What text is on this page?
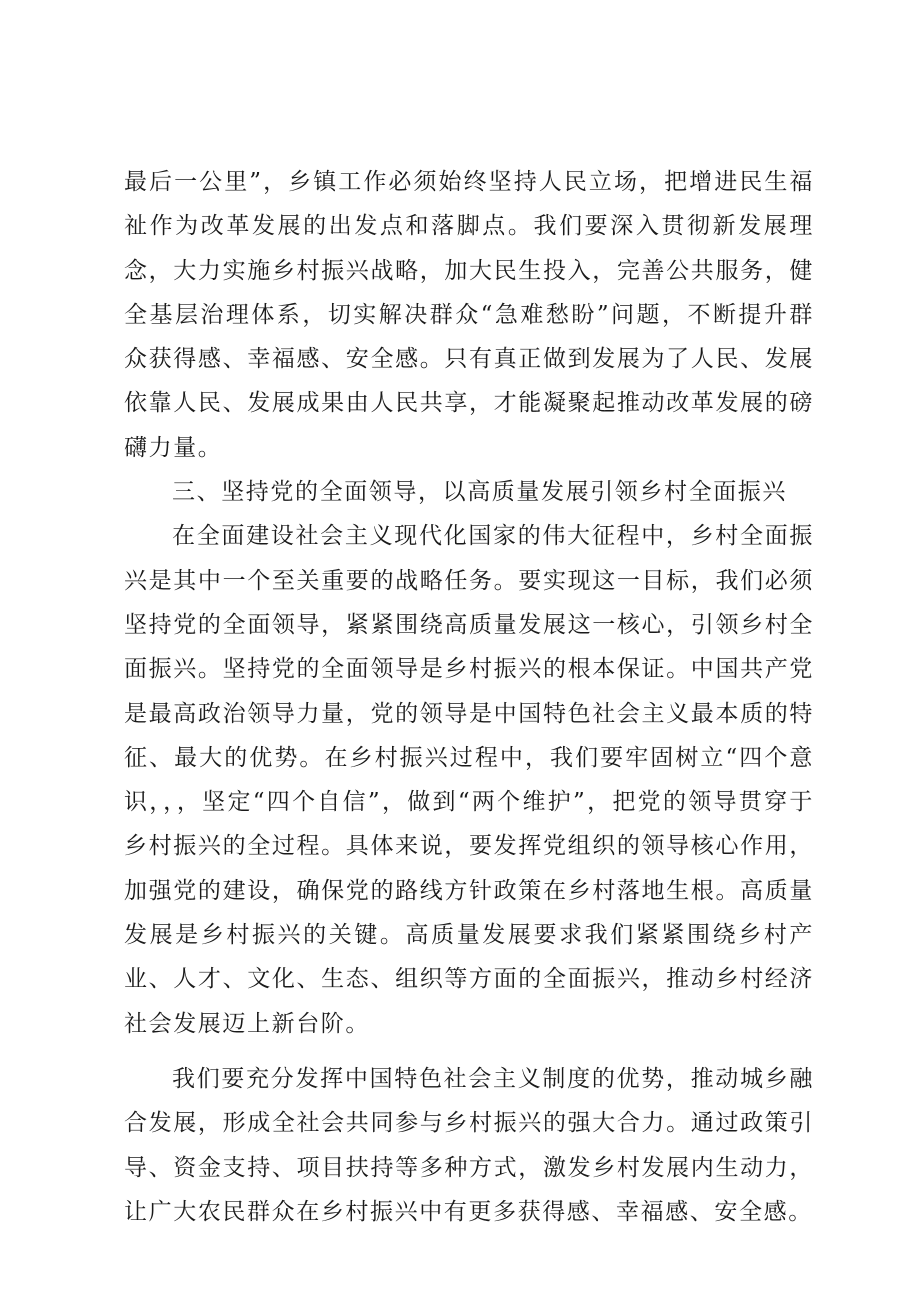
最后一公里”，乡镇工作必须始终坚持人民立场，把增进民生福祉作为改革发展的出发点和落脚点。我们要深入贯彻新发展理念，大力实施乡村振兴战略，加大民生投入，完善公共服务，健全基层治理体系，切实解决群众“急难愁盼”问题，不断提升群众获得感、幸福感、安全感。只有真正做到发展为了人民、发展依靠人民、发展成果由人民共享，才能凝聚起推动改革发展的磅礴力量。

三、坚持党的全面领导，以高质量发展引领乡村全面振兴

在全面建设社会主义现代化国家的伟大征程中，乡村全面振兴是其中一个至关重要的战略任务。要实现这一目标，我们必须坚持党的全面领导，紧紧围绕高质量发展这一核心，引领乡村全面振兴。坚持党的全面领导是乡村振兴的根本保证。中国共产党是最高政治领导力量，党的领导是中国特色社会主义最本质的特征、最大的优势。在乡村振兴过程中，我们要牢固树立“四个意识，，，坚定“四个自信”，做到“两个维护”，把党的领导贯穿于乡村振兴的全过程。具体来说，要发挥党组织的领导核心作用，加强党的建设，确保党的路线方针政策在乡村落地生根。高质量发展是乡村振兴的关键。高质量发展要求我们紧紧围绕乡村产业、人才、文化、生态、组织等方面的全面振兴，推动乡村经济社会发展迈上新台阶。

我们要充分发挥中国特色社会主义制度的优势，推动城乡融合发展，形成全社会共同参与乡村振兴的强大合力。通过政策引导、资金支持、项目扶持等多种方式，激发乡村发展内生动力，让广大农民群众在乡村振兴中有更多获得感、幸福感、安全感。
